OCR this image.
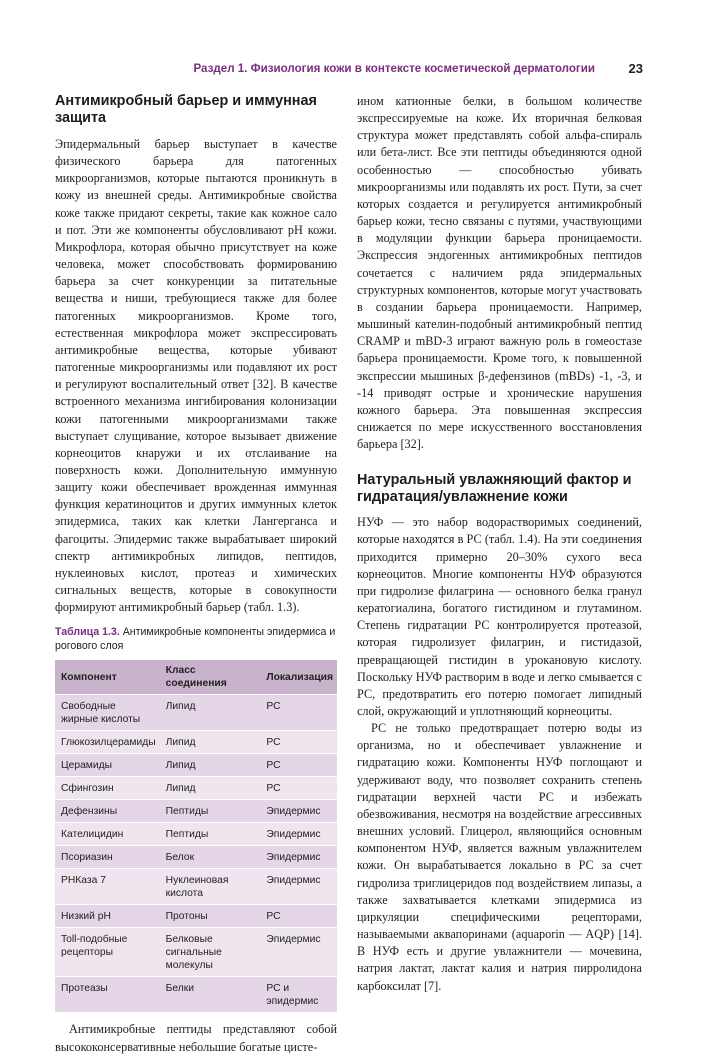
Раздел 1. Физиология кожи в контексте косметической дерматологии	23
Антимикробный барьер и иммунная защита

Эпидермальный барьер выступает в качестве физического барьера для патогенных микроорганизмов, которые пытаются проникнуть в кожу из внешней среды. Антимикробные свойства коже также придают секреты, такие как кожное сало и пот. Эти же компоненты обусловливают pH кожи. Микрофлора, которая обычно присутствует на коже человека, может способствовать формированию барьера за счет конкуренции за питательные вещества и ниши, требующиеся также для более патогенных микроорганизмов. Кроме того, естественная микрофлора может экспрессировать антимикробные вещества, которые убивают патогенные микроорганизмы или подавляют их рост и регулируют воспалительный ответ [32]. В качестве встроенного механизма ингибирования колонизации кожи патогенными микроорганизмами также выступает слущивание, которое вызывает движение корнеоцитов кнаружи и их отслаивание на поверхность кожи. Дополнительную иммунную защиту кожи обеспечивает врожденная иммунная функция кератиноцитов и других иммунных клеток эпидермиса, таких как клетки Лангерганса и фагоциты. Эпидермис также вырабатывает широкий спектр антимикробных липидов, пептидов, нуклеиновых кислот, протеаз и химических сигнальных веществ, которые в совокупности формируют антимикробный барьер (табл. 1.3).

Таблица 1.3. Антимикробные компоненты эпидермиса и рогового слоя
Компонент	Класс соединения	Локализация
Свободные жирные кислоты	Липид	РС
Глюкозилцерамиды	Липид	РС
Церамиды	Липид	РС
Сфингозин	Липид	РС
Дефензины	Пептиды	Эпидермис
Кателицидин	Пептиды	Эпидермис
Псориазин	Белок	Эпидермис
РНКаза 7	Нуклеиновая кислота	Эпидермис
Низкий pH	Протоны	РС
Toll-подобные рецепторы	Белковые сигнальные молекулы	Эпидермис
Протеазы	Белки	РС и эпидермис

Антимикробные пептиды представляют собой высококонсервативные небольшие богатые цисте-

ином катионные белки, в большом количестве экспрессируемые на коже. Их вторичная белковая структура может представлять собой альфа-спираль или бета-лист. Все эти пептиды объединяются одной особенностью — способностью убивать микроорганизмы или подавлять их рост. Пути, за счет которых создается и регулируется антимикробный барьер кожи, тесно связаны с путями, участвующими в модуляции функции барьера проницаемости. Экспрессия эндогенных антимикробных пептидов сочетается с наличием ряда эпидермальных структурных компонентов, которые могут участвовать в создании барьера проницаемости. Например, мышиный кателин-подобный антимикробный пептид CRAMP и mBD-3 играют важную роль в гомеостазе барьера проницаемости. Кроме того, к повышенной экспрессии мышиных β-дефензинов (mBDs) -1, -3, и -14 приводят острые и хронические нарушения кожного барьера. Эта повышенная экспрессия снижается по мере искусственного восстановления барьера [32].

Натуральный увлажняющий фактор и гидратация/увлажнение кожи

НУФ — это набор водорастворимых соединений, которые находятся в РС (табл. 1.4). На эти соединения приходится примерно 20–30% сухого веса корнеоцитов. Многие компоненты НУФ образуются при гидролизе филагрина — основного белка гранул кератогиалина, богатого гистидином и глутамином. Степень гидратации РС контролируется протеазой, которая гидролизует филагрин, и гистидазой, превращающей гистидин в урокановую кислоту. Поскольку НУФ растворим в воде и легко смывается с РС, предотвратить его потерю помогает липидный слой, окружающий и уплотняющий корнеоциты.

РС не только предотвращает потерю воды из организма, но и обеспечивает увлажнение и гидратацию кожи. Компоненты НУФ поглощают и удерживают воду, что позволяет сохранить степень гидратации верхней части РС и избежать обезвоживания, несмотря на воздействие агрессивных внешних условий. Глицерол, являющийся основным компонентом НУФ, является важным увлажнителем кожи. Он вырабатывается локально в РС за счет гидролиза триглицеридов под воздействием липазы, а также захватывается клетками эпидермиса из циркуляции специфическими рецепторами, называемыми аквапоринами (aquaporin — AQP) [14]. В НУФ есть и другие увлажнители — мочевина, натрия лактат, лактат калия и натрия пирролидона карбоксилат [7].
